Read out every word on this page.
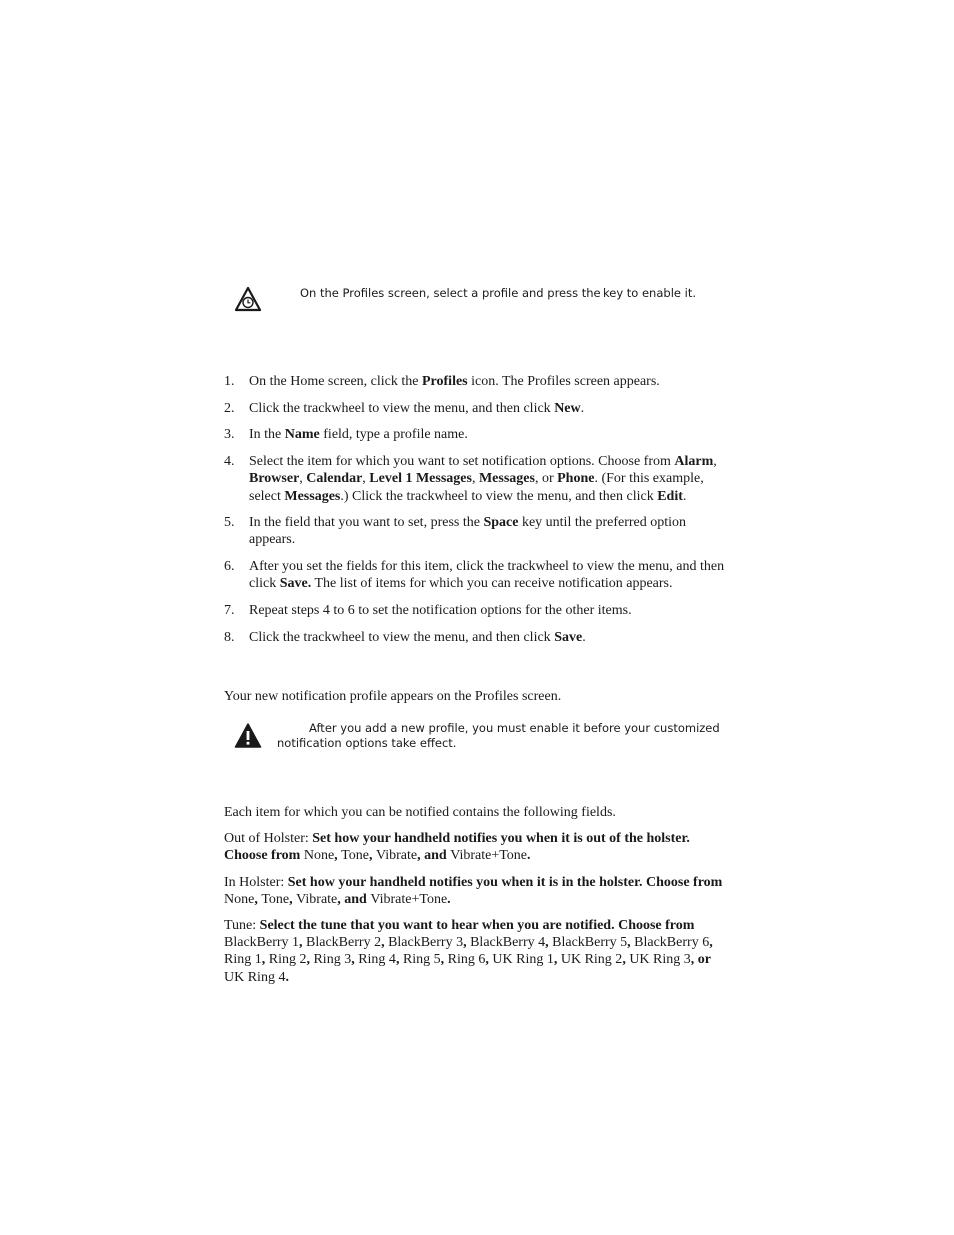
On the Profiles screen, select a profile and press the key to enable it.
1. On the Home screen, click the Profiles icon. The Profiles screen appears.
2. Click the trackwheel to view the menu, and then click New.
3. In the Name field, type a profile name.
4. Select the item for which you want to set notification options. Choose from Alarm, Browser, Calendar, Level 1 Messages, Messages, or Phone. (For this example, select Messages.) Click the trackwheel to view the menu, and then click Edit.
5. In the field that you want to set, press the Space key until the preferred option appears.
6. After you set the fields for this item, click the trackwheel to view the menu, and then click Save. The list of items for which you can receive notification appears.
7. Repeat steps 4 to 6 to set the notification options for the other items.
8. Click the trackwheel to view the menu, and then click Save.

Your new notification profile appears on the Profiles screen.

After you add a new profile, you must enable it before your customized
notification options take effect.

Each item for which you can be notified contains the following fields.

Out of Holster: Set how your handheld notifies you when it is out of the holster. Choose from None, Tone, Vibrate, and Vibrate+Tone.

In Holster: Set how your handheld notifies you when it is in the holster. Choose from None, Tone, Vibrate, and Vibrate+Tone.

Tune: Select the tune that you want to hear when you are notified. Choose from BlackBerry 1, BlackBerry 2, BlackBerry 3, BlackBerry 4, BlackBerry 5, BlackBerry 6, Ring 1, Ring 2, Ring 3, Ring 4, Ring 5, Ring 6, UK Ring 1, UK Ring 2, UK Ring 3, or UK Ring 4.
